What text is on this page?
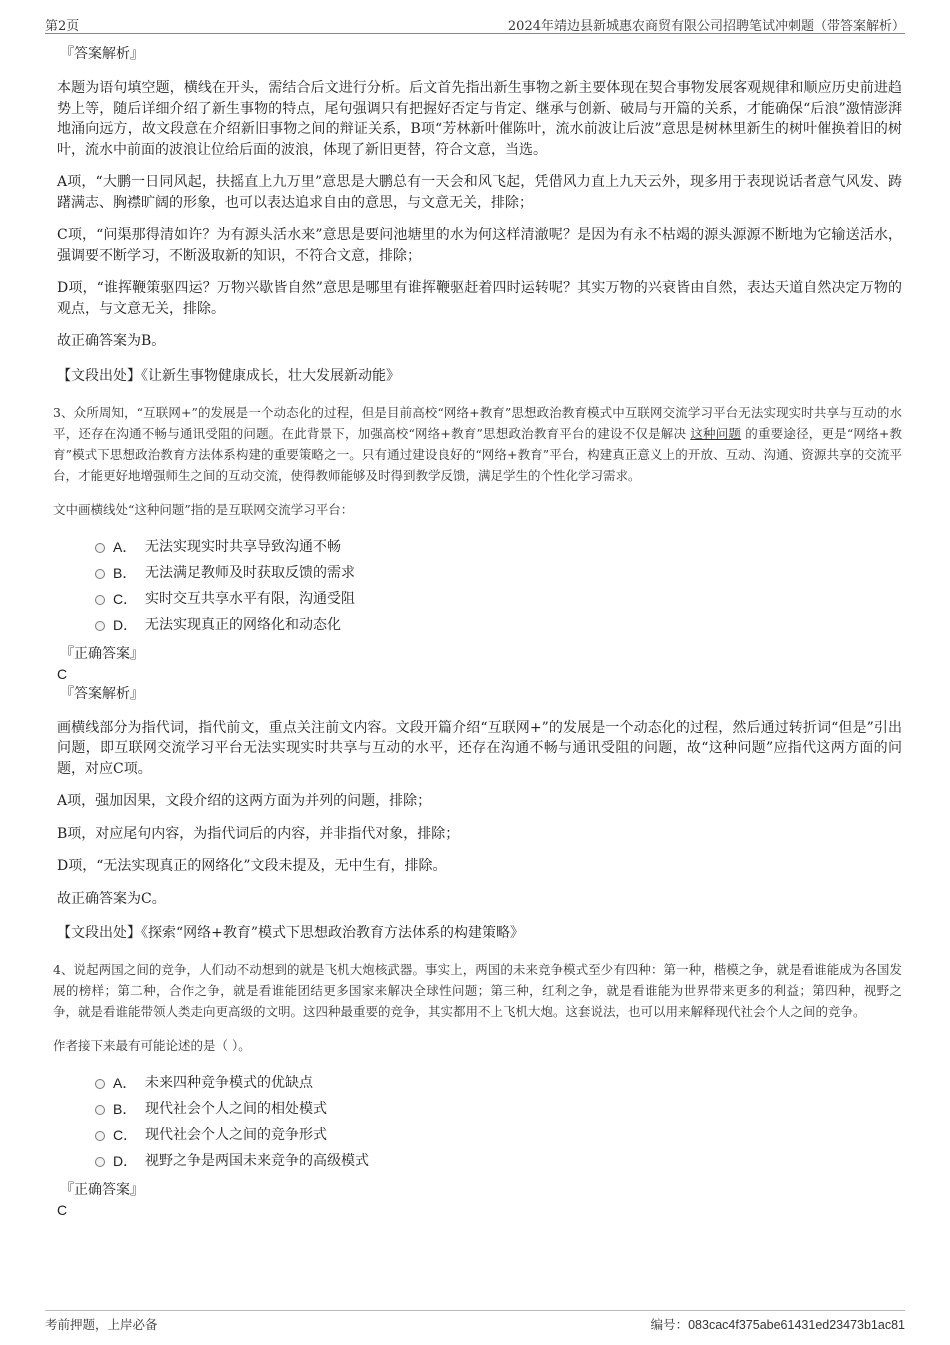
第2页	2024年靖边县新城惠农商贸有限公司招聘笔试冲刺题（带答案解析）
『答案解析』

本题为语句填空题，横线在开头，需结合后文进行分析。后文首先指出新生事物之新主要体现在契合事物发展客观规律和顺应历史前进趋势上等，随后详细介绍了新生事物的特点，尾句强调只有把握好否定与肯定、继承与创新、破局与开篇的关系，才能确保“后浪”激情澎湃地涌向远方，故文段意在介绍新旧事物之间的辩证关系，B项“芳林新叶催陈叶，流水前波让后波”意思是树林里新生的树叶催换着旧的树叶，流水中前面的波浪让位给后面的波浪，体现了新旧更替，符合文意，当选。

A项，“大鹏一日同风起，扶摇直上九万里”意思是大鹏总有一天会和风飞起，凭借风力直上九天云外，现多用于表现说话者意气风发、踌躇满志、胸襟旷阔的形象，也可以表达追求自由的意思，与文意无关，排除；

C项，“问渠那得清如许？为有源头活水来”意思是要问池塘里的水为何这样清澈呢？是因为有永不枯竭的源头源源不断地为它输送活水，强调要不断学习，不断汲取新的知识，不符合文意，排除；

D项，“谁挥鞭策驱四运？万物兴歇皆自然”意思是哪里有谁挥鞭驱赶着四时运转呢？其实万物的兴衰皆由自然，表达天道自然决定万物的观点，与文意无关，排除。

故正确答案为B。

【文段出处】《让新生事物健康成长，壮大发展新动能》

3、众所周知，“互联网+”的发展是一个动态化的过程，但是目前高校“网络+教育”思想政治教育模式中互联网交流学习平台无法实现实时共享与互动的水平，还存在沟通不畅与通讯受阻的问题。在此背景下，加强高校“网络+教育”思想政治教育平台的建设不仅是解决 这种问题 的重要途径，更是“网络+教育”模式下思想政治教育方法体系构建的重要策略之一。只有通过建设良好的“网络+教育”平台，构建真正意义上的开放、互动、沟通、资源共享的交流平台，才能更好地增强师生之间的互动交流，使得教师能够及时得到教学反馈，满足学生的个性化学习需求。

文中画横线处“这种问题”指的是互联网交流学习平台：

A． 无法实现实时共享导致沟通不畅
B． 无法满足教师及时获取反馈的需求
C． 实时交互共享水平有限，沟通受阻
D． 无法实现真正的网络化和动态化
『正确答案』
C
『答案解析』

画横线部分为指代词，指代前文，重点关注前文内容。文段开篇介绍“互联网+”的发展是一个动态化的过程，然后通过转折词“但是”引出问题，即互联网交流学习平台无法实现实时共享与互动的水平，还存在沟通不畅与通讯受阻的问题，故“这种问题”应指代这两方面的问题，对应C项。

A项，强加因果，文段介绍的这两方面为并列的问题，排除；

B项，对应尾句内容，为指代词后的内容，并非指代对象，排除；

D项，“无法实现真正的网络化”文段未提及，无中生有，排除。

故正确答案为C。

【文段出处】《探索“网络+教育”模式下思想政治教育方法体系的构建策略》

4、说起两国之间的竞争，人们动不动想到的就是飞机大炮核武器。事实上，两国的未来竞争模式至少有四种：第一种，楷模之争，就是看谁能成为各国发展的榜样；第二种，合作之争，就是看谁能团结更多国家来解决全球性问题；第三种，红利之争，就是看谁能为世界带来更多的利益；第四种，视野之争，就是看谁能带领人类走向更高级的文明。这四种最重要的竞争，其实都用不上飞机大炮。这套说法，也可以用来解释现代社会个人之间的竞争。

作者接下来最有可能论述的是（ ）。

A． 未来四种竞争模式的优缺点
B． 现代社会个人之间的相处模式
C． 现代社会个人之间的竞争形式
D． 视野之争是两国未来竞争的高级模式
『正确答案』
C
考前押题，上岸必备	编号：083cac4f375abe61431ed23473b1ac81
